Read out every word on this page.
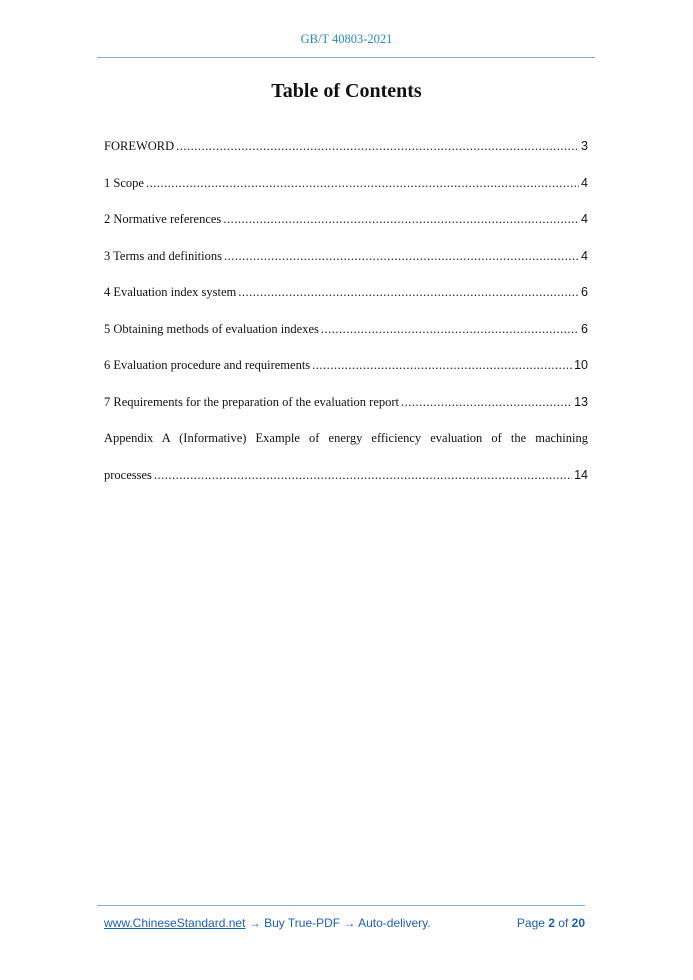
GB/T 40803-2021
Table of Contents
FOREWORD .....	3
1 Scope .....	4
2 Normative references .....	4
3 Terms and definitions .....	4
4 Evaluation index system .....	6
5 Obtaining methods of evaluation indexes .....	6
6 Evaluation procedure and requirements .....	10
7 Requirements for the preparation of the evaluation report .....	13
Appendix A (Informative) Example of energy efficiency evaluation of the machining
processes .....	14
www.ChineseStandard.net → Buy True-PDF → Auto-delivery.	Page 2 of 20
